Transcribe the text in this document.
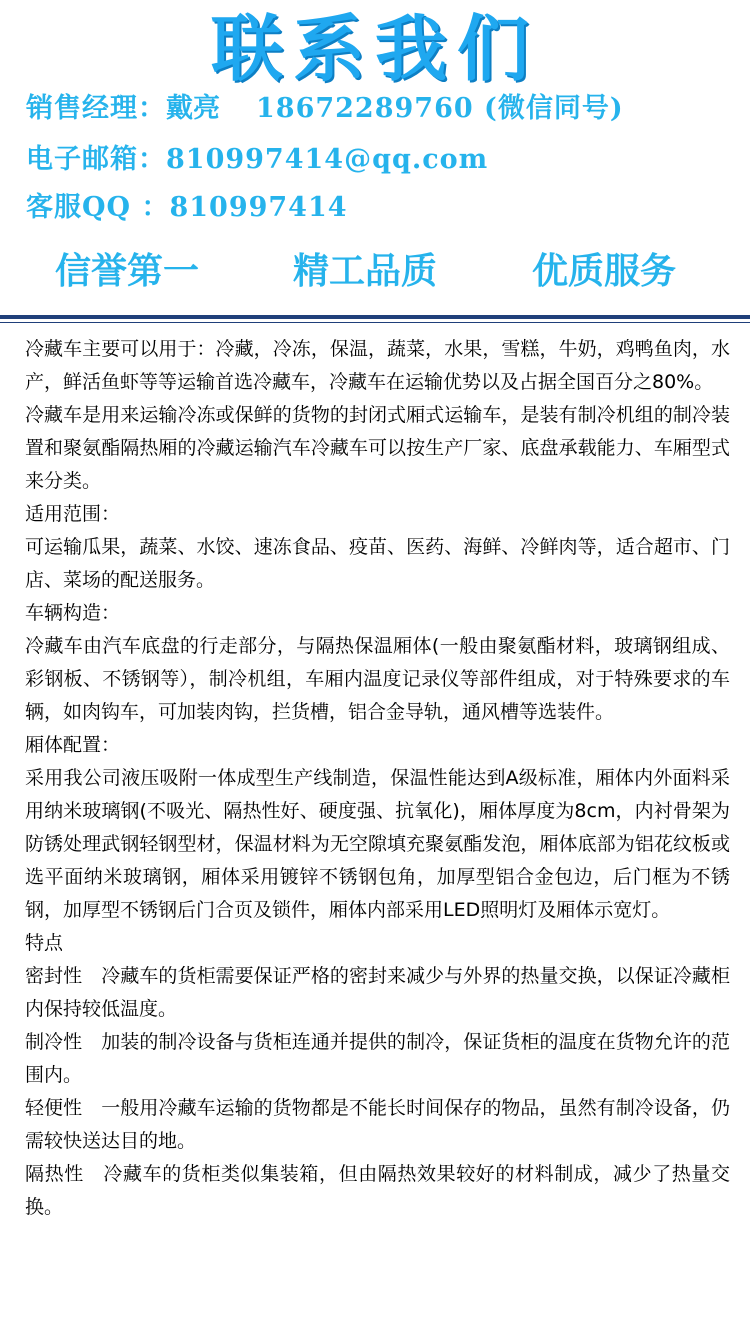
联系我们
销售经理：戴亮 18672289760 (微信同号)
电子邮箱：810997414@qq.com
客服QQ ：810997414
信誉第一	精工品质	优质服务

冷藏车主要可以用于：冷藏，冷冻，保温，蔬菜，水果，雪糕，牛奶，鸡鸭鱼肉，水产，鲜活鱼虾等等运输首选冷藏车，冷藏车在运输优势以及占据全国百分之80%。

冷藏车是用来运输冷冻或保鲜的货物的封闭式厢式运输车，是装有制冷机组的制冷装置和聚氨酯隔热厢的冷藏运输汽车冷藏车可以按生产厂家、底盘承载能力、车厢型式来分类。

适用范围：

可运输瓜果，蔬菜、水饺、速冻食品、疫苗、医药、海鲜、冷鲜肉等，适合超市、门店、菜场的配送服务。

车辆构造：

冷藏车由汽车底盘的行走部分，与隔热保温厢体(一般由聚氨酯材料，玻璃钢组成、彩钢板、不锈钢等），制冷机组，车厢内温度记录仪等部件组成，对于特殊要求的车辆，如肉钩车，可加装肉钩，拦货槽，铝合金导轨，通风槽等选装件。

厢体配置：

采用我公司液压吸附一体成型生产线制造，保温性能达到A级标准，厢体内外面料采用纳米玻璃钢(不吸光、隔热性好、硬度强、抗氧化)，厢体厚度为8cm，内衬骨架为防锈处理武钢轻钢型材，保温材料为无空隙填充聚氨酯发泡，厢体底部为铝花纹板或选平面纳米玻璃钢，厢体采用镀锌不锈钢包角，加厚型铝合金包边，后门框为不锈钢，加厚型不锈钢后门合页及锁件，厢体内部采用LED照明灯及厢体示宽灯。

特点

密封性　冷藏车的货柜需要保证严格的密封来减少与外界的热量交换，以保证冷藏柜内保持较低温度。

制冷性　加装的制冷设备与货柜连通并提供的制冷，保证货柜的温度在货物允许的范围内。

轻便性　一般用冷藏车运输的货物都是不能长时间保存的物品，虽然有制冷设备，仍需较快送达目的地。

隔热性　冷藏车的货柜类似集装箱，但由隔热效果较好的材料制成，减少了热量交换。
